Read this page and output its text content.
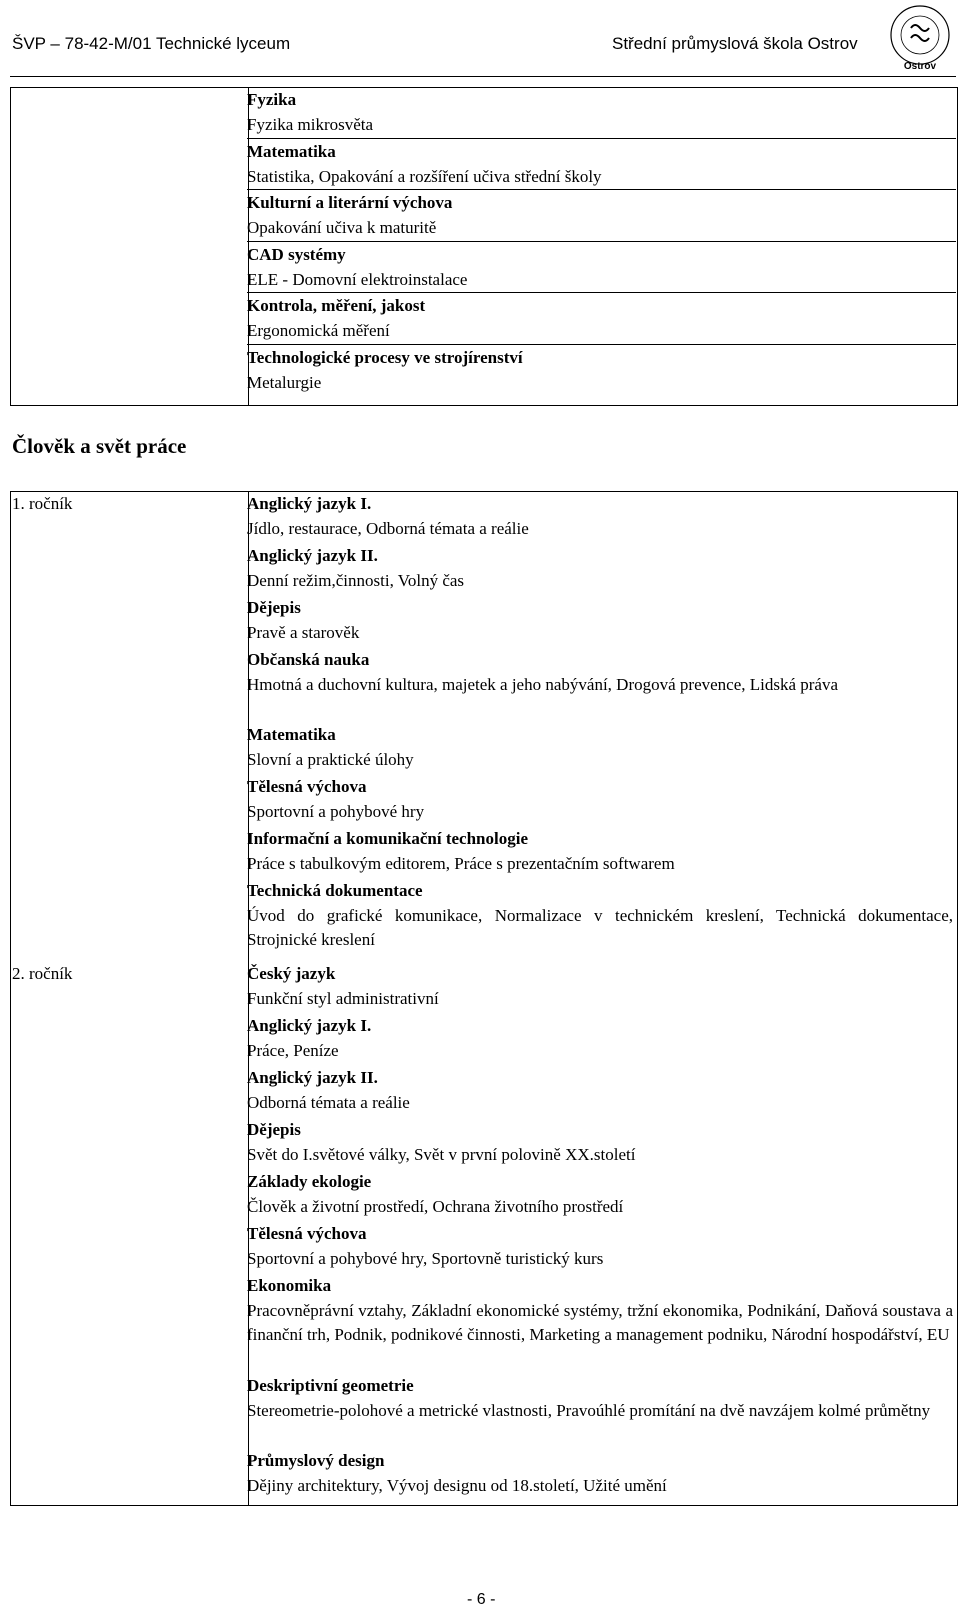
ŠVP – 78-42-M/01 Technické lyceum	Střední průmyslová škola Ostrov
Ostrov
Fyzika
Fyzika mikrosvěta
Matematika
Statistika, Opakování a rozšíření učiva střední školy
Kulturní a literární výchova
Opakování učiva k maturitě
CAD systémy
ELE - Domovní elektroinstalace
Kontrola, měření, jakost
Ergonomická měření
Technologické procesy ve strojírenství
Metalurgie
Člověk a svět práce
1. ročník	Anglický jazyk I.
Jídlo, restaurace, Odborná témata a reálie
Anglický jazyk II.
Denní režim,činnosti, Volný čas
Dějepis
Pravě a starověk
Občanská nauka
Hmotná a duchovní kultura, majetek a jeho nabývání, Drogová prevence, Lidská práva
Matematika
Slovní a praktické úlohy
Tělesná výchova
Sportovní a pohybové hry
Informační a komunikační technologie
Práce s tabulkovým editorem, Práce s prezentačním softwarem
Technická dokumentace
Úvod do grafické komunikace, Normalizace v technickém kreslení, Technická dokumentace, Strojnické kreslení
2. ročník	Český jazyk
Funkční styl administrativní
Anglický jazyk I.
Práce, Peníze
Anglický jazyk II.
Odborná témata a reálie
Dějepis
Svět do I.světové války, Svět v první polovině XX.století
Základy ekologie
Člověk a životní prostředí, Ochrana životního prostředí
Tělesná výchova
Sportovní a pohybové hry, Sportovně turistický kurs
Ekonomika
Pracovněprávní vztahy, Základní ekonomické systémy, tržní ekonomika, Podnikání, Daňová soustava a finanční trh, Podnik, podnikové činnosti, Marketing a management podniku, Národní hospodářství, EU
Deskriptivní geometrie
Stereometrie-polohové a metrické vlastnosti, Pravoúhlé promítání na dvě navzájem kolmé průmětny
Průmyslový design
Dějiny architektury, Vývoj designu od 18.století, Užité umění
- 6 -
